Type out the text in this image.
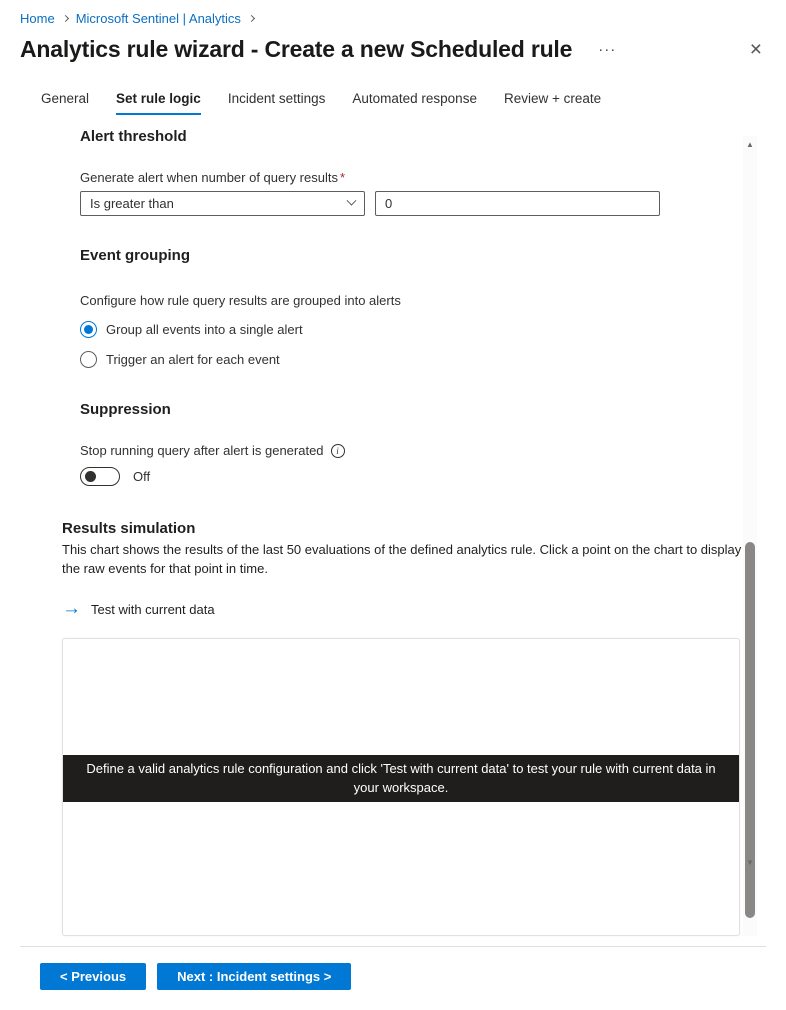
Home Microsoft Sentinel | Analytics
Analytics rule wizard - Create a new Scheduled rule ···	×
General Set rule logic Incident settings Automated response Review + create
Alert threshold
Generate alert when number of query results *
Is greater than
0
Event grouping
Configure how rule query results are grouped into alerts
Group all events into a single alert
Trigger an alert for each event
Suppression
Stop running query after alert is generated	i
Off
Results simulation

This chart shows the results of the last 50 evaluations of the defined analytics rule. Click a point on the chart to display the raw events for that point in time.

→ Test with current data
Define a valid analytics rule configuration and click 'Test with current data' to test your rule with current data in your workspace.
▲
▼
< Previous	Next : Incident settings >
